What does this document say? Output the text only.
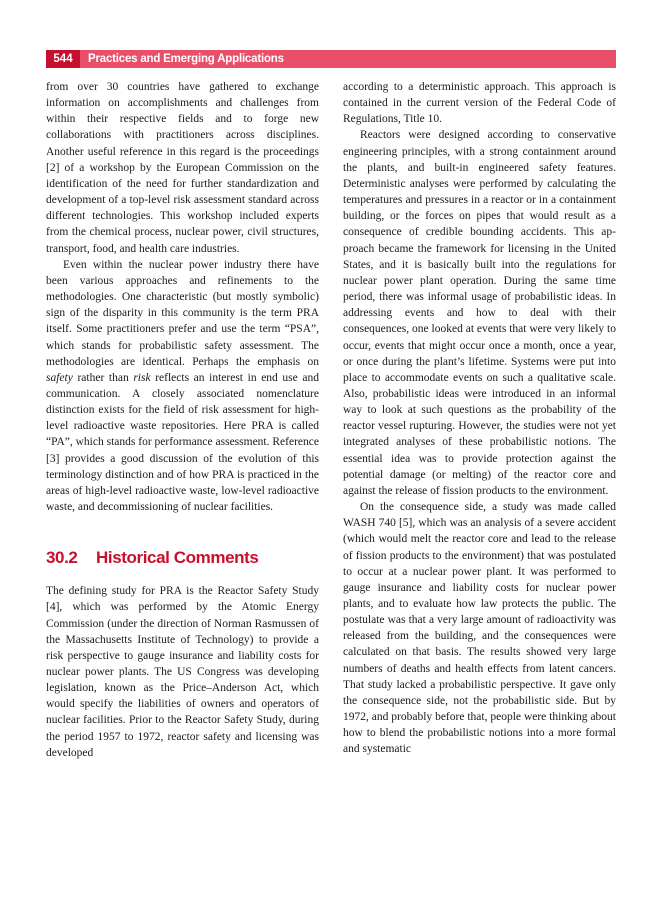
544	Practices and Emerging Applications

from over 30 countries have gathered to exchange information on accomplishments and challenges from within their respective fields and to forge new collaborations with practitioners across disciplines. Another useful reference in this regard is the proceedings [2] of a workshop by the European Commission on the identification of the need for further standardization and development of a top-level risk assessment standard across different technologies. This workshop included experts from the chemical process, nuclear power, civil structures, transport, food, and health care industries.

Even within the nuclear power industry there have been various approaches and refinements to the methodologies. One characteristic (but mostly symbolic) sign of the disparity in this community is the term PRA itself. Some practitioners prefer and use the term “PSA”, which stands for probabilistic safety assessment. The methodologies are identical. Perhaps the emphasis on safety rather than risk reflects an interest in end use and communication. A closely associated nomenclature distinction exists for the field of risk assessment for high-level radioactive waste repositories. Here PRA is called “PA”, which stands for performance assessment. Reference [3] provides a good discussion of the evolution of this terminology distinction and of how PRA is practiced in the areas of high-level radioactive waste, low-level radioactive waste, and decommissioning of nuclear facilities.

30.2 Historical Comments

The defining study for PRA is the Reactor Safety Study [4], which was performed by the Atomic Energy Commission (under the direction of Norman Rasmussen of the Massachusetts Institute of Technology) to provide a risk perspective to gauge insurance and liability costs for nuclear power plants. The US Congress was developing legislation, known as the Price–Anderson Act, which would specify the liabilities of owners and operators of nuclear facilities. Prior to the Reactor Safety Study, during the period 1957 to 1972, reactor safety and licensing was developed

according to a deterministic approach. This approach is contained in the current version of the Federal Code of Regulations, Title 10.

Reactors were designed according to conservative engineering principles, with a strong containment around the plants, and built-in engineered safety features. Deterministic analyses were performed by calculating the temperatures and pressures in a reactor or in a containment building, or the forces on pipes that would result as a consequence of credible bounding accidents. This approach became the framework for licensing in the United States, and it is basically built into the regulations for nuclear power plant operation. During the same time period, there was informal usage of probabilistic ideas. In addressing events and how to deal with their consequences, one looked at events that were very likely to occur, events that might occur once a month, once a year, or once during the plant’s lifetime. Systems were put into place to accommodate events on such a qualitative scale. Also, probabilistic ideas were introduced in an informal way to look at such questions as the probability of the reactor vessel rupturing. However, the studies were not yet integrated analyses of these probabilistic notions. The essential idea was to provide protection against the potential damage (or melting) of the reactor core and against the release of fission products to the environment.

On the consequence side, a study was made called WASH 740 [5], which was an analysis of a severe accident (which would melt the reactor core and lead to the release of fission products to the environment) that was postulated to occur at a nuclear power plant. It was performed to gauge insurance and liability costs for nuclear power plants, and to evaluate how law protects the public. The postulate was that a very large amount of radioactivity was released from the building, and the consequences were calculated on that basis. The results showed very large numbers of deaths and health effects from latent cancers. That study lacked a probabilistic perspective. It gave only the consequence side, not the probabilistic side. But by 1972, and probably before that, people were thinking about how to blend the probabilistic notions into a more formal and systematic
